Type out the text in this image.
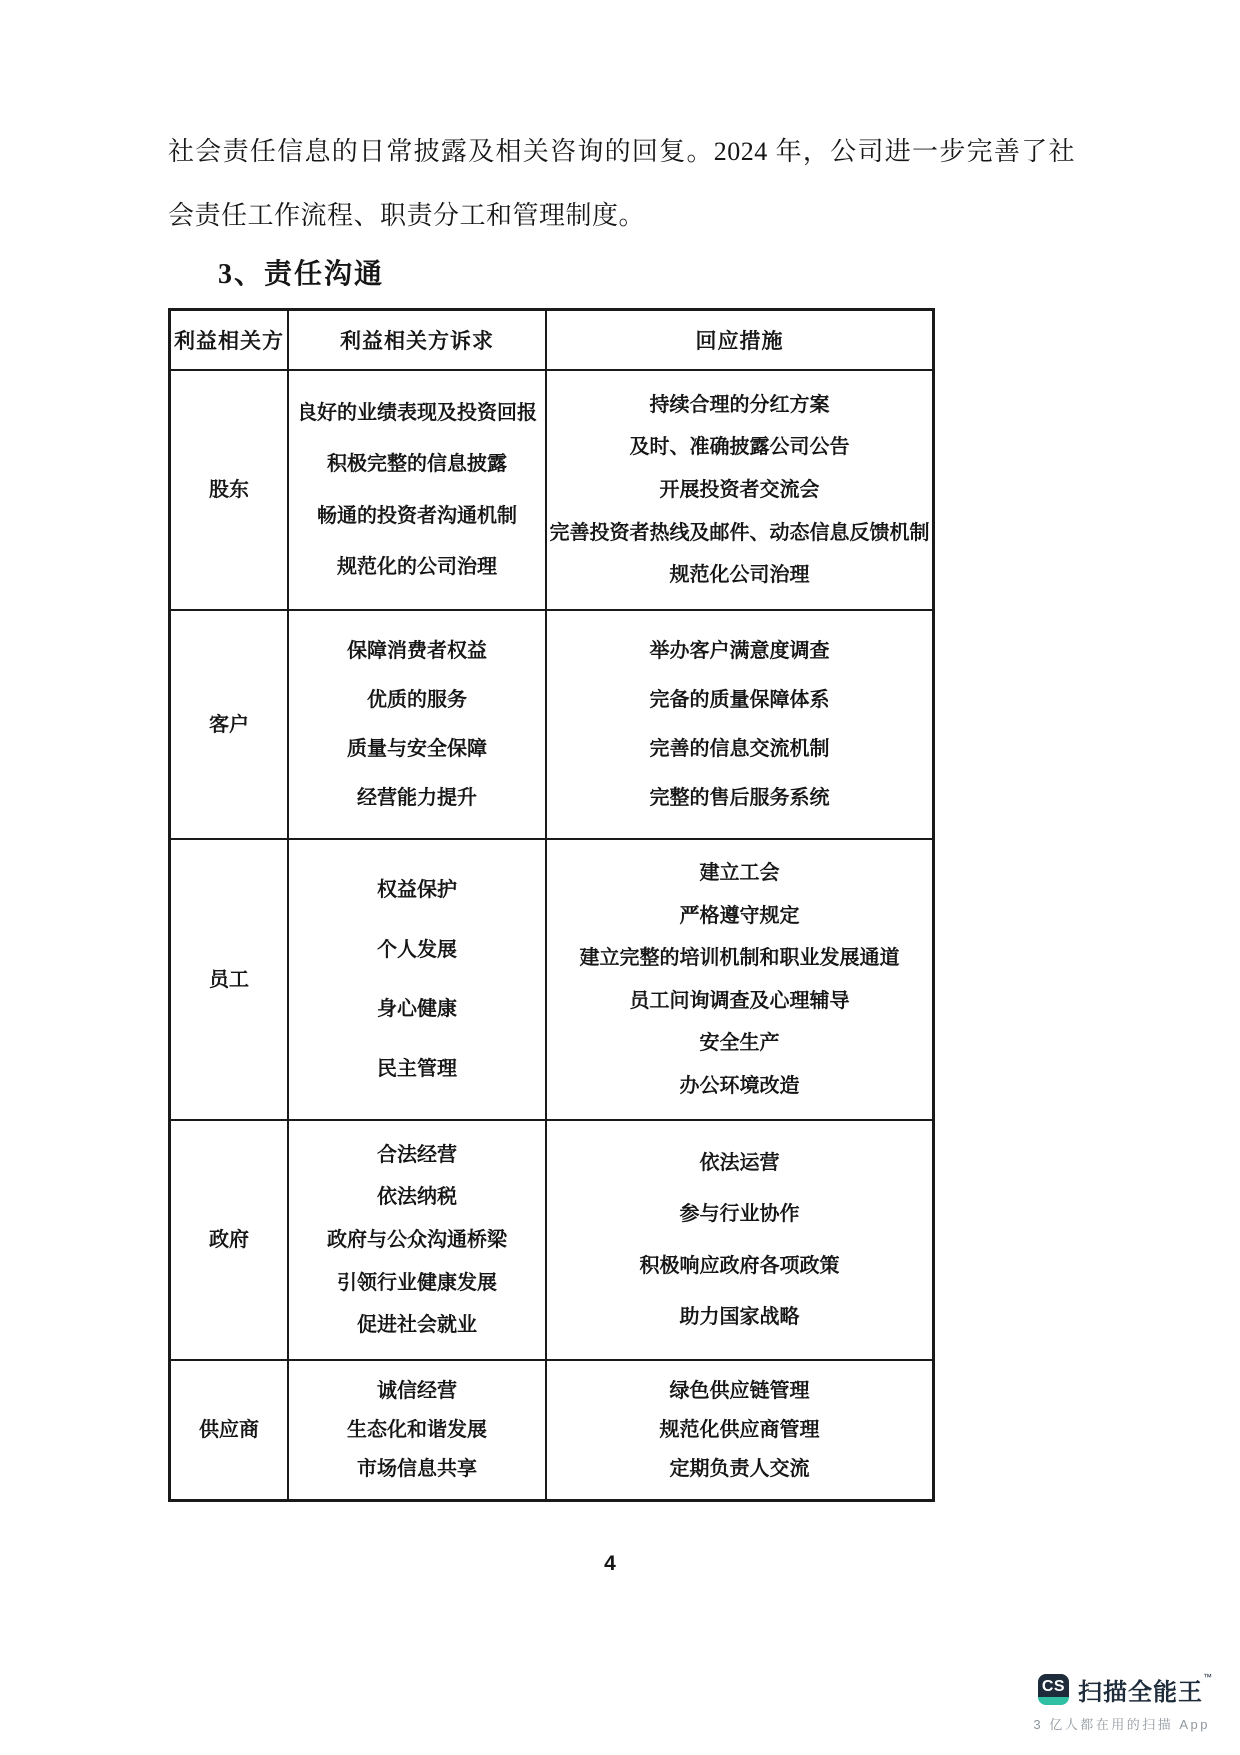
社会责任信息的日常披露及相关咨询的回复。2024 年，公司进一步完善了社会责任工作流程、职责分工和管理制度。

3、责任沟通
利益相关方	利益相关方诉求	回应措施
股东
良好的业绩表现及投资回报
积极完整的信息披露
畅通的投资者沟通机制
规范化的公司治理
持续合理的分红方案
及时、准确披露公司公告
开展投资者交流会
完善投资者热线及邮件、动态信息反馈机制
规范化公司治理
客户
保障消费者权益
优质的服务
质量与安全保障
经营能力提升
举办客户满意度调查
完备的质量保障体系
完善的信息交流机制
完整的售后服务系统
员工
权益保护
个人发展
身心健康
民主管理
建立工会
严格遵守规定
建立完整的培训机制和职业发展通道
员工问询调查及心理辅导
安全生产
办公环境改造
政府
合法经营
依法纳税
政府与公众沟通桥梁
引领行业健康发展
促进社会就业
依法运营
参与行业协作
积极响应政府各项政策
助力国家战略
供应商
诚信经营
生态化和谐发展
市场信息共享
绿色供应链管理
规范化供应商管理
定期负责人交流
4
CS 扫描全能王™
3 亿人都在用的扫描 App
